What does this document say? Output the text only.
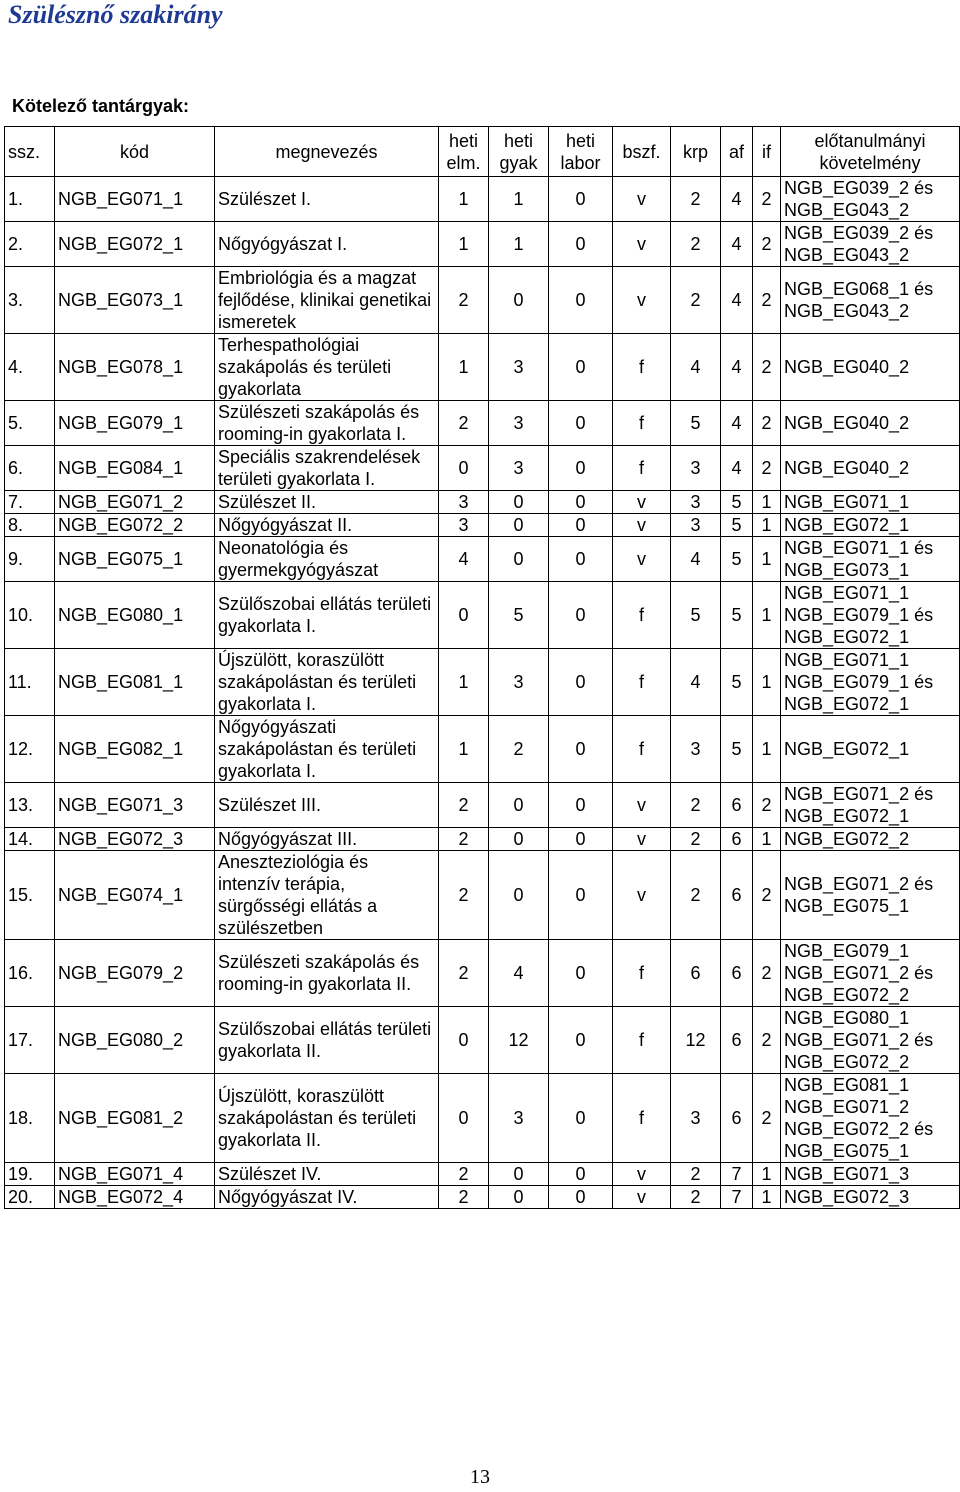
Szülésznő szakirány
Kötelező tantárgyak:
ssz.	kód	megnevezés	heti elm.	heti gyak	heti labor	bszf.	krp	af	if	előtanulmányi követelmény
1.	NGB_EG071_1	Szülészet I.	1	1	0	v	2	4	2	NGB_EG039_2 és NGB_EG043_2
2.	NGB_EG072_1	Nőgyógyászat I.	1	1	0	v	2	4	2	NGB_EG039_2 és NGB_EG043_2
3.	NGB_EG073_1	Embriológia és a magzat fejlődése, klinikai genetikai ismeretek	2	0	0	v	2	4	2	NGB_EG068_1 és NGB_EG043_2
4.	NGB_EG078_1	Terhespathológiai szakápolás és területi gyakorlata	1	3	0	f	4	4	2	NGB_EG040_2
5.	NGB_EG079_1	Szülészeti szakápolás és rooming-in gyakorlata I.	2	3	0	f	5	4	2	NGB_EG040_2
6.	NGB_EG084_1	Speciális szakrendelések területi gyakorlata I.	0	3	0	f	3	4	2	NGB_EG040_2
7.	NGB_EG071_2	Szülészet II.	3	0	0	v	3	5	1	NGB_EG071_1
8.	NGB_EG072_2	Nőgyógyászat II.	3	0	0	v	3	5	1	NGB_EG072_1
9.	NGB_EG075_1	Neonatológia és gyermekgyógyászat	4	0	0	v	4	5	1	NGB_EG071_1 és NGB_EG073_1
10.	NGB_EG080_1	Szülőszobai ellátás területi gyakorlata I.	0	5	0	f	5	5	1	NGB_EG071_1 NGB_EG079_1 és NGB_EG072_1
11.	NGB_EG081_1	Újszülött, koraszülött szakápolástan és területi gyakorlata I.	1	3	0	f	4	5	1	NGB_EG071_1 NGB_EG079_1 és NGB_EG072_1
12.	NGB_EG082_1	Nőgyógyászati szakápolástan és területi gyakorlata I.	1	2	0	f	3	5	1	NGB_EG072_1
13.	NGB_EG071_3	Szülészet III.	2	0	0	v	2	6	2	NGB_EG071_2 és NGB_EG072_1
14.	NGB_EG072_3	Nőgyógyászat III.	2	0	0	v	2	6	1	NGB_EG072_2
15.	NGB_EG074_1	Aneszteziológia és intenzív terápia, sürgősségi ellátás a szülészetben	2	0	0	v	2	6	2	NGB_EG071_2 és NGB_EG075_1
16.	NGB_EG079_2	Szülészeti szakápolás és rooming-in gyakorlata II.	2	4	0	f	6	6	2	NGB_EG079_1 NGB_EG071_2 és NGB_EG072_2
17.	NGB_EG080_2	Szülőszobai ellátás területi gyakorlata II.	0	12	0	f	12	6	2	NGB_EG080_1 NGB_EG071_2 és NGB_EG072_2
18.	NGB_EG081_2	Újszülött, koraszülött szakápolástan és területi gyakorlata II.	0	3	0	f	3	6	2	NGB_EG081_1 NGB_EG071_2 NGB_EG072_2 és NGB_EG075_1
19.	NGB_EG071_4	Szülészet IV.	2	0	0	v	2	7	1	NGB_EG071_3
20.	NGB_EG072_4	Nőgyógyászat IV.	2	0	0	v	2	7	1	NGB_EG072_3
13
